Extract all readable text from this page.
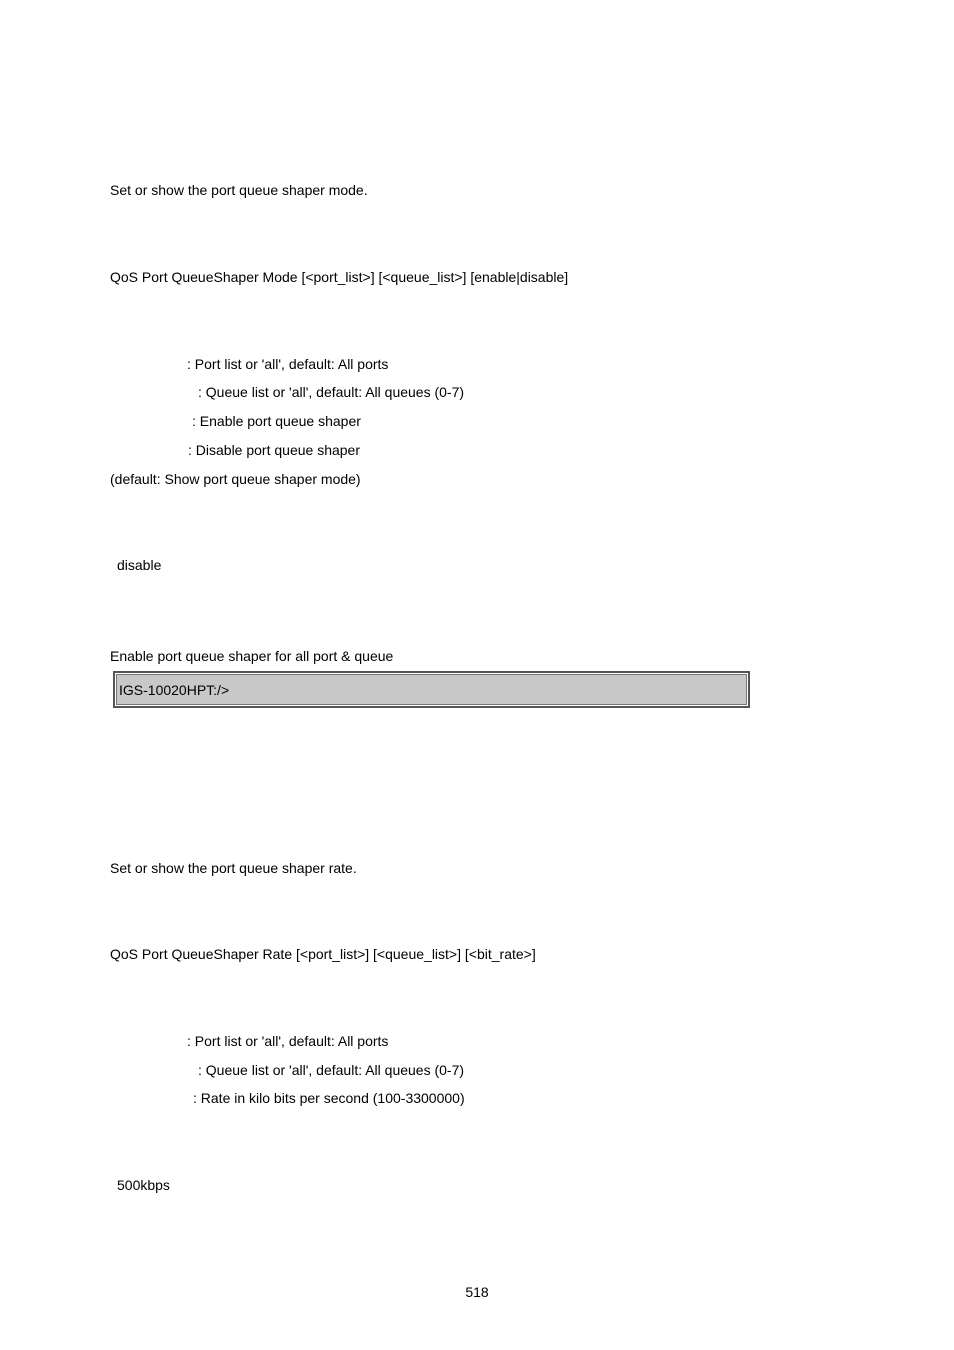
Set or show the port queue shaper mode.
QoS Port QueueShaper Mode [<port_list>] [<queue_list>] [enable|disable]
: Port list or 'all', default: All ports
: Queue list or 'all', default: All queues (0-7)
: Enable port queue shaper
: Disable port queue shaper
(default: Show port queue shaper mode)
disable
Enable port queue shaper for all port & queue
IGS-10020HPT:/>
Set or show the port queue shaper rate.
QoS Port QueueShaper Rate [<port_list>] [<queue_list>] [<bit_rate>]
: Port list or 'all', default: All ports
: Queue list or 'all', default: All queues (0-7)
: Rate in kilo bits per second (100-3300000)
500kbps
518
